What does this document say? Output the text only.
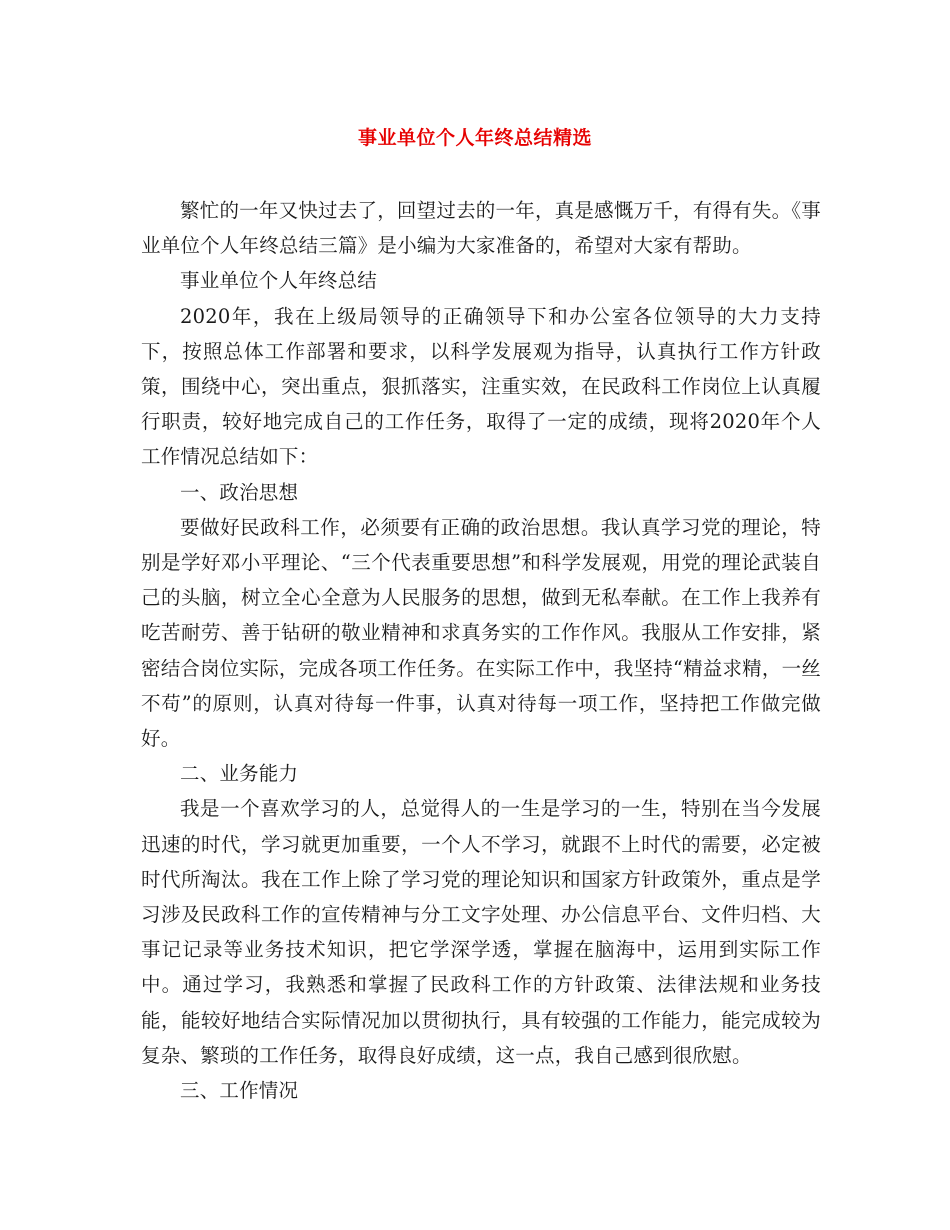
事业单位个人年终总结精选

繁忙的一年又快过去了，回望过去的一年，真是感慨万千，有得有失。《事业单位个人年终总结三篇》是小编为大家准备的，希望对大家有帮助。

事业单位个人年终总结

2020年，我在上级局领导的正确领导下和办公室各位领导的大力支持下，按照总体工作部署和要求，以科学发展观为指导，认真执行工作方针政策，围绕中心，突出重点，狠抓落实，注重实效，在民政科工作岗位上认真履行职责，较好地完成自己的工作任务，取得了一定的成绩，现将2020年个人工作情况总结如下：

一、政治思想

要做好民政科工作，必须要有正确的政治思想。我认真学习党的理论，特别是学好邓小平理论、“三个代表重要思想”和科学发展观，用党的理论武装自己的头脑，树立全心全意为人民服务的思想，做到无私奉献。在工作上我养有吃苦耐劳、善于钻研的敬业精神和求真务实的工作作风。我服从工作安排，紧密结合岗位实际，完成各项工作任务。在实际工作中，我坚持“精益求精，一丝不苟”的原则，认真对待每一件事，认真对待每一项工作，坚持把工作做完做好。

二、业务能力

我是一个喜欢学习的人，总觉得人的一生是学习的一生，特别在当今发展迅速的时代，学习就更加重要，一个人不学习，就跟不上时代的需要，必定被时代所淘汰。我在工作上除了学习党的理论知识和国家方针政策外，重点是学习涉及民政科工作的宣传精神与分工文字处理、办公信息平台、文件归档、大事记记录等业务技术知识，把它学深学透，掌握在脑海中，运用到实际工作中。通过学习，我熟悉和掌握了民政科工作的方针政策、法律法规和业务技能，能较好地结合实际情况加以贯彻执行，具有较强的工作能力，能完成较为复杂、繁琐的工作任务，取得良好成绩，这一点，我自己感到很欣慰。

三、工作情况
